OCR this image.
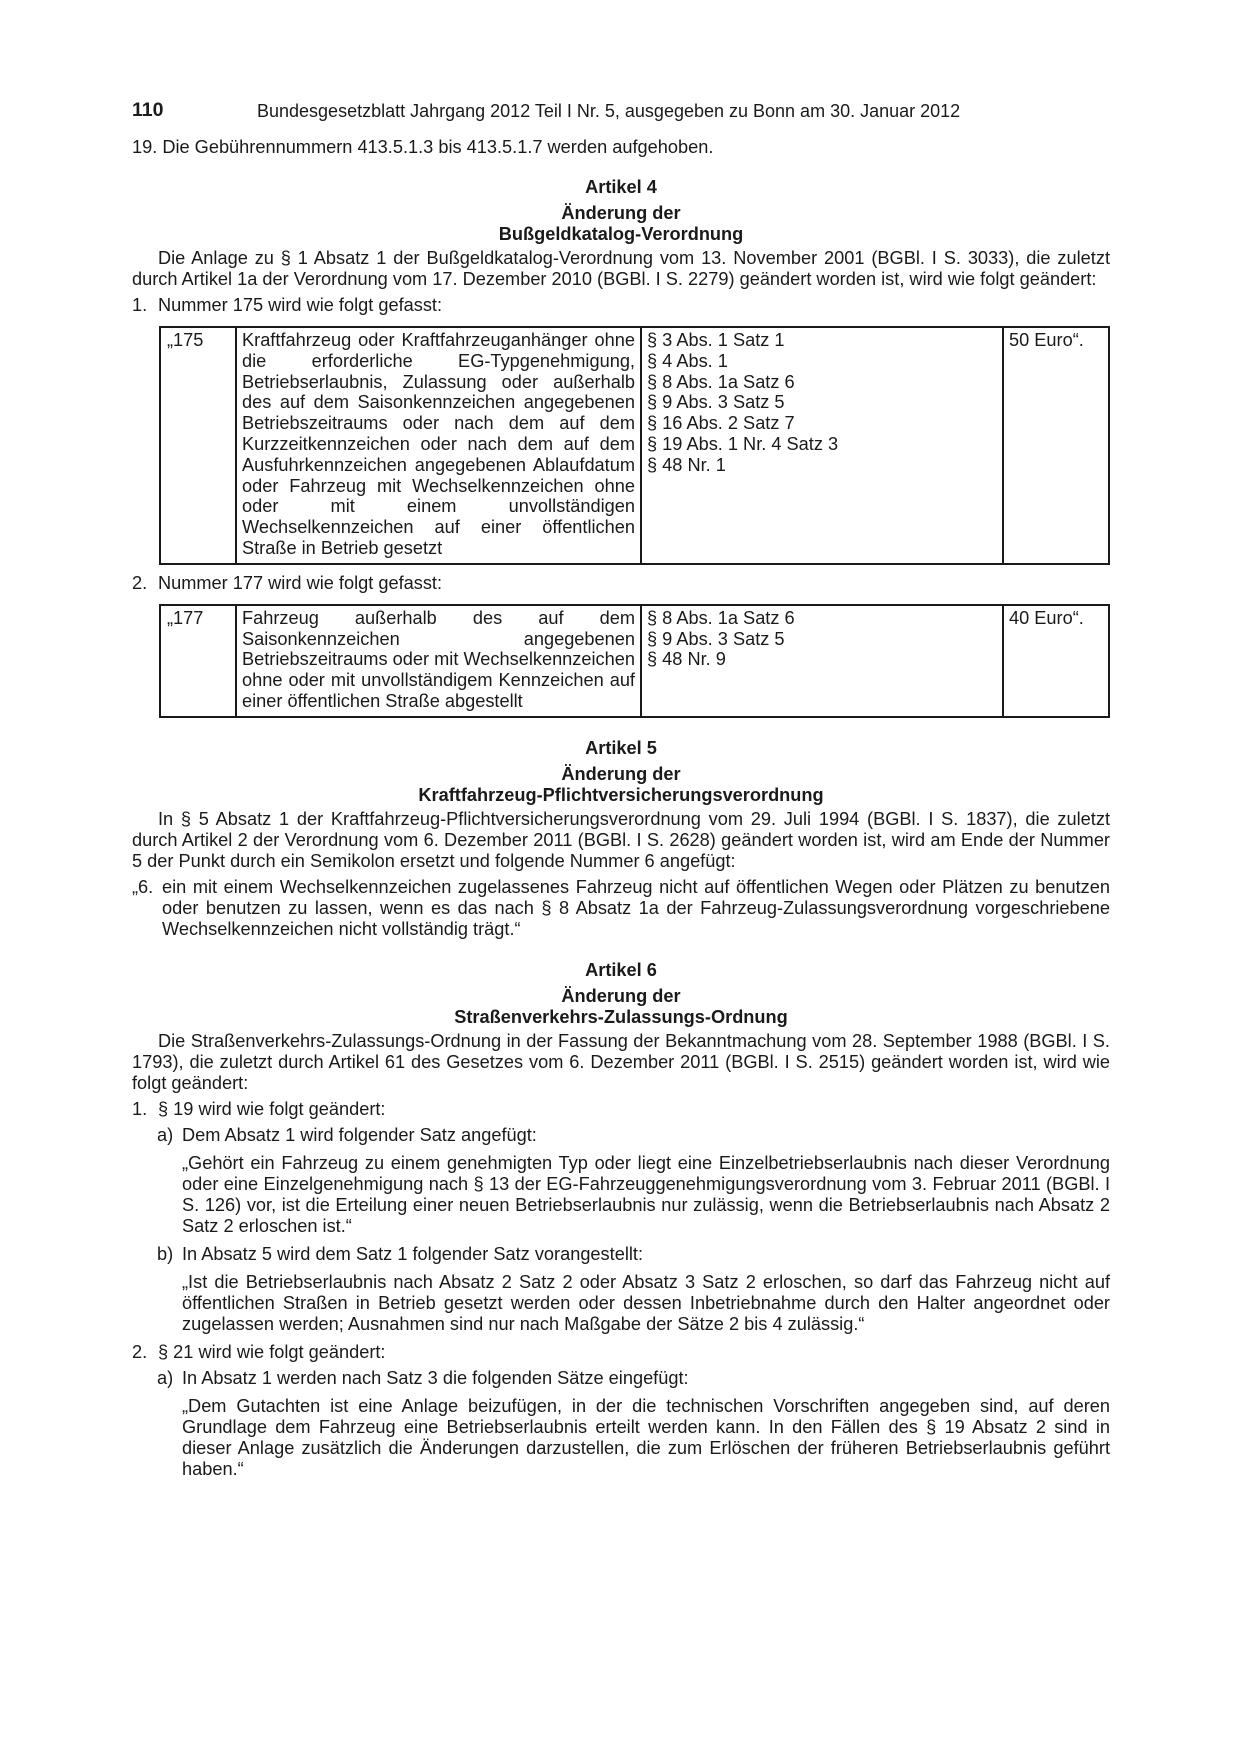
110	Bundesgesetzblatt Jahrgang 2012 Teil I Nr. 5, ausgegeben zu Bonn am 30. Januar 2012

19. Die Gebührennummern 413.5.1.3 bis 413.5.1.7 werden aufgehoben.

Artikel 4

Änderung der

Bußgeldkatalog-Verordnung

Die Anlage zu § 1 Absatz 1 der Bußgeldkatalog-Verordnung vom 13. November 2001 (BGBl. I S. 3033), die zuletzt durch Artikel 1a der Verordnung vom 17. Dezember 2010 (BGBl. I S. 2279) geändert worden ist, wird wie folgt geändert:

1. Nummer 175 wird wie folgt gefasst:
„175	Kraftfahrzeug oder Kraftfahrzeuganhänger ohne die erforderliche EG-Typgenehmigung, Betriebserlaubnis, Zulassung oder außerhalb des auf dem Saisonkennzeichen angegebenen Betriebszeitraums oder nach dem auf dem Kurzzeitkennzeichen oder nach dem auf dem Ausfuhrkennzeichen angegebenen Ablaufdatum oder Fahrzeug mit Wechselkennzeichen ohne oder mit einem unvollständigen Wechselkennzeichen auf einer öffentlichen Straße in Betrieb gesetzt	
§ 3 Abs. 1 Satz 1
§ 4 Abs. 1
§ 8 Abs. 1a Satz 6
§ 9 Abs. 3 Satz 5
§ 16 Abs. 2 Satz 7
§ 19 Abs. 1 Nr. 4 Satz 3
§ 48 Nr. 1
	50 Euro“.
2. Nummer 177 wird wie folgt gefasst:
„177	Fahrzeug außerhalb des auf dem Saisonkennzeichen angegebenen Betriebszeitraums oder mit Wechselkennzeichen ohne oder mit unvollständigem Kennzeichen auf einer öffentlichen Straße abgestellt	
§ 8 Abs. 1a Satz 6
§ 9 Abs. 3 Satz 5
§ 48 Nr. 9
	40 Euro“.

Artikel 5

Änderung der

Kraftfahrzeug-Pflichtversicherungsverordnung

In § 5 Absatz 1 der Kraftfahrzeug-Pflichtversicherungsverordnung vom 29. Juli 1994 (BGBl. I S. 1837), die zuletzt durch Artikel 2 der Verordnung vom 6. Dezember 2011 (BGBl. I S. 2628) geändert worden ist, wird am Ende der Nummer 5 der Punkt durch ein Semikolon ersetzt und folgende Nummer 6 angefügt:

„6. ein mit einem Wechselkennzeichen zugelassenes Fahrzeug nicht auf öffentlichen Wegen oder Plätzen zu benutzen oder benutzen zu lassen, wenn es das nach § 8 Absatz 1a der Fahrzeug-Zulassungsverordnung vorgeschriebene Wechselkennzeichen nicht vollständig trägt.“

Artikel 6

Änderung der

Straßenverkehrs-Zulassungs-Ordnung

Die Straßenverkehrs-Zulassungs-Ordnung in der Fassung der Bekanntmachung vom 28. September 1988 (BGBl. I S. 1793), die zuletzt durch Artikel 61 des Gesetzes vom 6. Dezember 2011 (BGBl. I S. 2515) geändert worden ist, wird wie folgt geändert:

1. § 19 wird wie folgt geändert:
a) Dem Absatz 1 wird folgender Satz angefügt:

„Gehört ein Fahrzeug zu einem genehmigten Typ oder liegt eine Einzelbetriebserlaubnis nach dieser Verordnung oder eine Einzelgenehmigung nach § 13 der EG-Fahrzeuggenehmigungsverordnung vom 3. Februar 2011 (BGBl. I S. 126) vor, ist die Erteilung einer neuen Betriebserlaubnis nur zulässig, wenn die Betriebserlaubnis nach Absatz 2 Satz 2 erloschen ist.“

b) In Absatz 5 wird dem Satz 1 folgender Satz vorangestellt:

„Ist die Betriebserlaubnis nach Absatz 2 Satz 2 oder Absatz 3 Satz 2 erloschen, so darf das Fahrzeug nicht auf öffentlichen Straßen in Betrieb gesetzt werden oder dessen Inbetriebnahme durch den Halter angeordnet oder zugelassen werden; Ausnahmen sind nur nach Maßgabe der Sätze 2 bis 4 zulässig.“

2. § 21 wird wie folgt geändert:
a) In Absatz 1 werden nach Satz 3 die folgenden Sätze eingefügt:

„Dem Gutachten ist eine Anlage beizufügen, in der die technischen Vorschriften angegeben sind, auf deren Grundlage dem Fahrzeug eine Betriebserlaubnis erteilt werden kann. In den Fällen des § 19 Absatz 2 sind in dieser Anlage zusätzlich die Änderungen darzustellen, die zum Erlöschen der früheren Betriebserlaubnis geführt haben.“
